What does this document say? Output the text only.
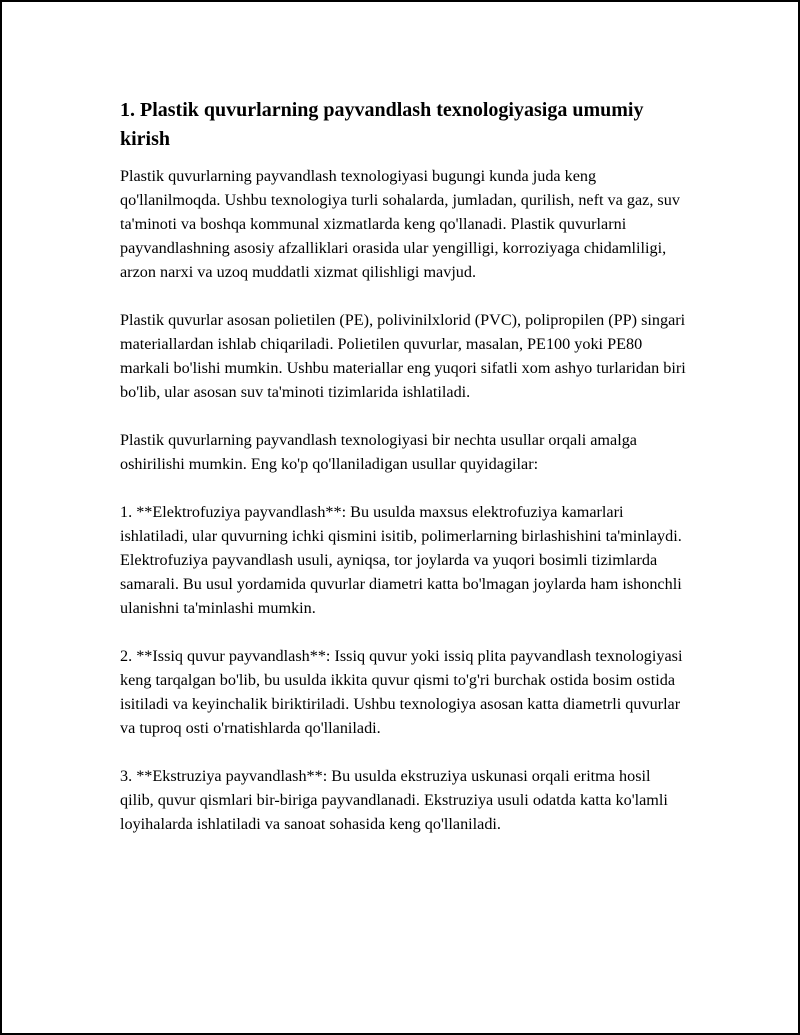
1. Plastik quvurlarning payvandlash texnologiyasiga umumiy kirish

Plastik quvurlarning payvandlash texnologiyasi bugungi kunda juda keng qo'llanilmoqda. Ushbu texnologiya turli sohalarda, jumladan, qurilish, neft va gaz, suv ta'minoti va boshqa kommunal xizmatlarda keng qo'llanadi. Plastik quvurlarni payvandlashning asosiy afzalliklari orasida ular yengilligi, korroziyaga chidamliligi, arzon narxi va uzoq muddatli xizmat qilishligi mavjud.

Plastik quvurlar asosan polietilen (PE), polivinilxlorid (PVC), polipropilen (PP) singari materiallardan ishlab chiqariladi. Polietilen quvurlar, masalan, PE100 yoki PE80 markali bo'lishi mumkin. Ushbu materiallar eng yuqori sifatli xom ashyo turlaridan biri bo'lib, ular asosan suv ta'minoti tizimlarida ishlatiladi.

Plastik quvurlarning payvandlash texnologiyasi bir nechta usullar orqali amalga oshirilishi mumkin. Eng ko'p qo'llaniladigan usullar quyidagilar:

1. **Elektrofuziya payvandlash**: Bu usulda maxsus elektrofuziya kamarlari ishlatiladi, ular quvurning ichki qismini isitib, polimerlarning birlashishini ta'minlaydi. Elektrofuziya payvandlash usuli, ayniqsa, tor joylarda va yuqori bosimli tizimlarda samarali. Bu usul yordamida quvurlar diametri katta bo'lmagan joylarda ham ishonchli ulanishni ta'minlashi mumkin.

2. **Issiq quvur payvandlash**: Issiq quvur yoki issiq plita payvandlash texnologiyasi keng tarqalgan bo'lib, bu usulda ikkita quvur qismi to'g'ri burchak ostida bosim ostida isitiladi va keyinchalik biriktiriladi. Ushbu texnologiya asosan katta diametrli quvurlar va tuproq osti o'rnatishlarda qo'llaniladi.

3. **Ekstruziya payvandlash**: Bu usulda ekstruziya uskunasi orqali eritma hosil qilib, quvur qismlari bir-biriga payvandlanadi. Ekstruziya usuli odatda katta ko'lamli loyihalarda ishlatiladi va sanoat sohasida keng qo'llaniladi.
